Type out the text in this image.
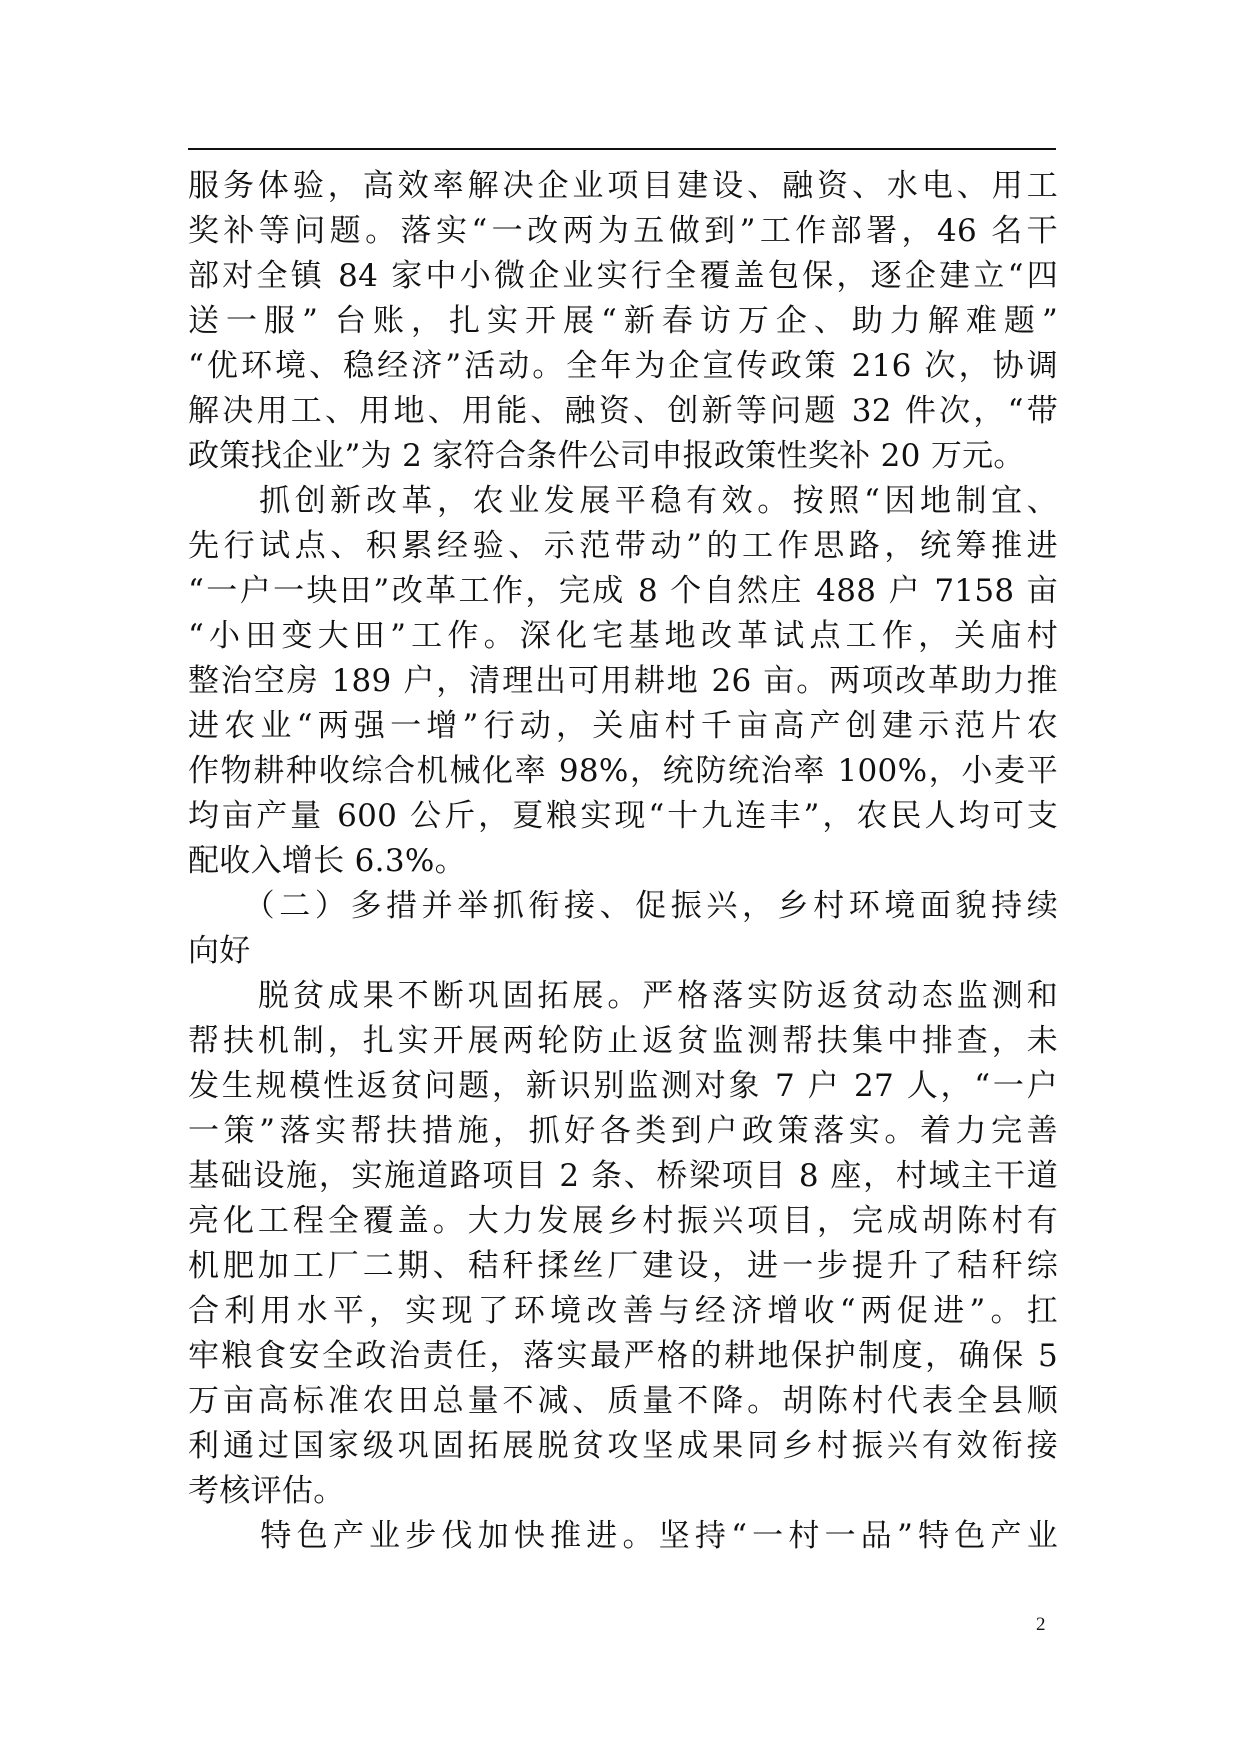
服务体验，高效率解决企业项目建设、融资、水电、用工
奖补等问题。落实“一改两为五做到”工作部署，46 名干
部对全镇 84 家中小微企业实行全覆盖包保，逐企建立“四
送一服” 台账，扎实开展“新春访万企、助力解难题”
“优环境、稳经济”活动。全年为企宣传政策 216 次，协调
解决用工、用地、用能、融资、创新等问题 32 件次，“带
政策找企业”为 2 家符合条件公司申报政策性奖补 20 万元。
　　抓创新改革，农业发展平稳有效。按照“因地制宜、
先行试点、积累经验、示范带动”的工作思路，统筹推进
“一户一块田”改革工作，完成 8 个自然庄 488 户 7158 亩
“小田变大田”工作。深化宅基地改革试点工作，关庙村
整治空房 189 户，清理出可用耕地 26 亩。两项改革助力推
进农业“两强一增”行动，关庙村千亩高产创建示范片农
作物耕种收综合机械化率 98%，统防统治率 100%，小麦平
均亩产量 600 公斤，夏粮实现“十九连丰”，农民人均可支
配收入增长 6.3%。
　　（二）多措并举抓衔接、促振兴，乡村环境面貌持续
向好
　　脱贫成果不断巩固拓展。严格落实防返贫动态监测和
帮扶机制，扎实开展两轮防止返贫监测帮扶集中排查，未
发生规模性返贫问题，新识别监测对象 7 户 27 人，“一户
一策”落实帮扶措施，抓好各类到户政策落实。着力完善
基础设施，实施道路项目 2 条、桥梁项目 8 座，村域主干道
亮化工程全覆盖。大力发展乡村振兴项目，完成胡陈村有
机肥加工厂二期、秸秆揉丝厂建设，进一步提升了秸秆综
合利用水平，实现了环境改善与经济增收“两促进”。扛
牢粮食安全政治责任，落实最严格的耕地保护制度，确保 5
万亩高标准农田总量不减、质量不降。胡陈村代表全县顺
利通过国家级巩固拓展脱贫攻坚成果同乡村振兴有效衔接
考核评估。
　　特色产业步伐加快推进。坚持“一村一品”特色产业
2
